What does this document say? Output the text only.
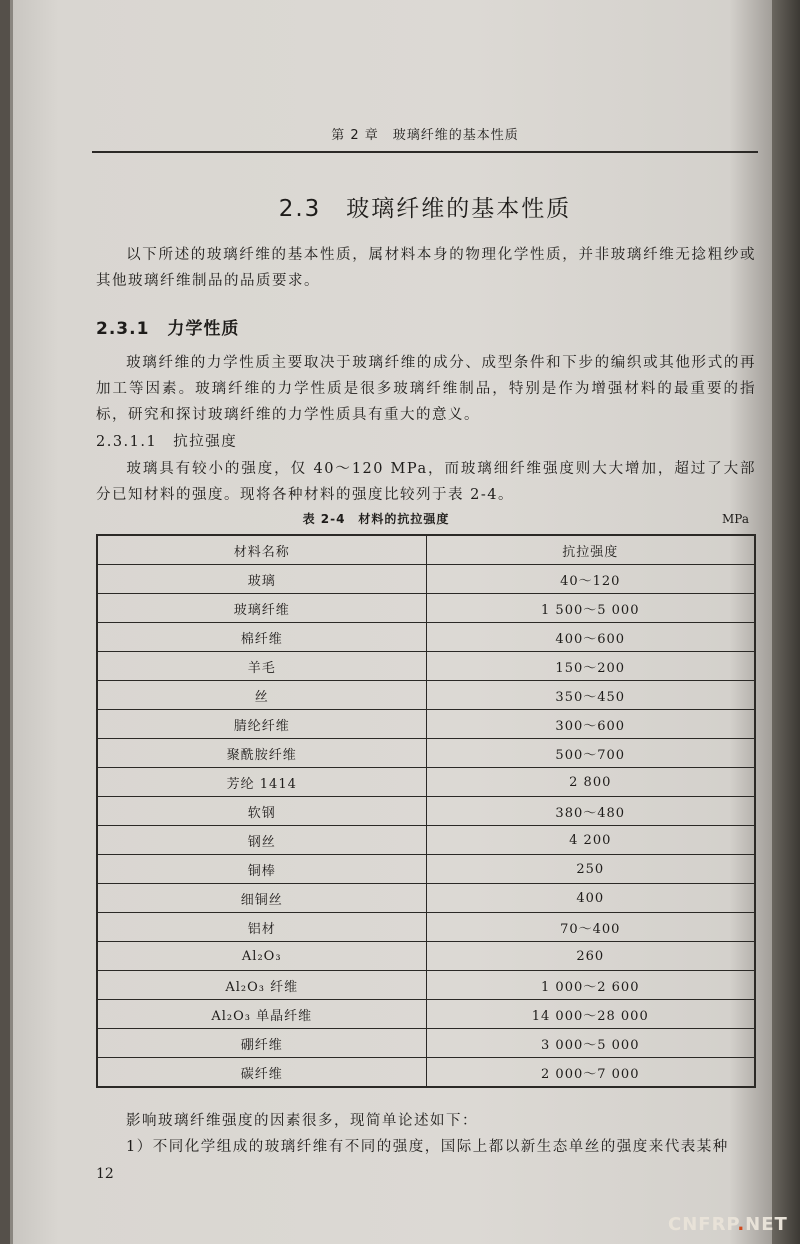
第 2 章　玻璃纤维的基本性质
2.3　玻璃纤维的基本性质
以下所述的玻璃纤维的基本性质，属材料本身的物理化学性质，并非玻璃纤维无捻粗纱或其他玻璃纤维制品的品质要求。
2.3.1　力学性质
玻璃纤维的力学性质主要取决于玻璃纤维的成分、成型条件和下步的编织或其他形式的再加工等因素。玻璃纤维的力学性质是很多玻璃纤维制品，特别是作为增强材料的最重要的指标，研究和探讨玻璃纤维的力学性质具有重大的意义。
2.3.1.1　抗拉强度
玻璃具有较小的强度，仅 40～120 MPa，而玻璃细纤维强度则大大增加，超过了大部分已知材料的强度。现将各种材料的强度比较列于表 2-4。
表 2-4　材料的抗拉强度	MPa
材料名称	抗拉强度
玻璃	40～120
玻璃纤维	1 500～5 000
棉纤维	400～600
羊毛	150～200
丝	350～450
腈纶纤维	300～600
聚酰胺纤维	500～700
芳纶 1414	2 800
软钢	380～480
钢丝	4 200
铜棒	250
细铜丝	400
铝材	70～400
Al₂O₃	260
Al₂O₃ 纤维	1 000～2 600
Al₂O₃ 单晶纤维	14 000～28 000
硼纤维	3 000～5 000
碳纤维	2 000～7 000
影响玻璃纤维强度的因素很多，现简单论述如下：
1）不同化学组成的玻璃纤维有不同的强度，国际上都以新生态单丝的强度来代表某种
12
CNFRP.NET
